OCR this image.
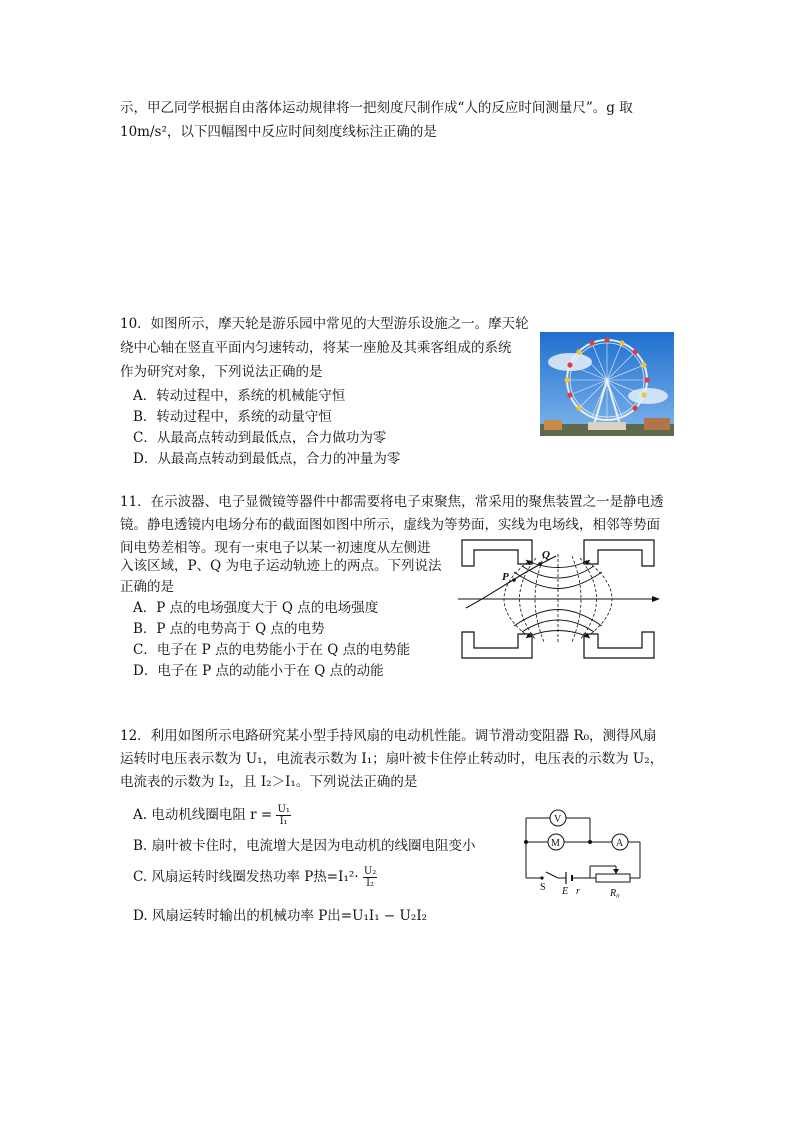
示，甲乙同学根据自由落体运动规律将一把刻度尺制作成“人的反应时间测量尺”。g 取
10m/s²，以下四幅图中反应时间刻度线标注正确的是
10．如图所示，摩天轮是游乐园中常见的大型游乐设施之一。摩天轮
绕中心轴在竖直平面内匀速转动，将某一座舱及其乘客组成的系统
作为研究对象，下列说法正确的是
A．转动过程中，系统的机械能守恒
B．转动过程中，系统的动量守恒
C．从最高点转动到最低点，合力做功为零
D．从最高点转动到最低点，合力的冲量为零
11．在示波器、电子显微镜等器件中都需要将电子束聚焦，常采用的聚焦装置之一是静电透
镜。静电透镜内电场分布的截面图如图中所示，虚线为等势面，实线为电场线，相邻等势面
间电势差相等。现有一束电子以某一初速度从左侧进
入该区域，P、Q 为电子运动轨迹上的两点。下列说法
正确的是
A．P 点的电场强度大于 Q 点的电场强度
B．P 点的电势高于 Q 点的电势
C．电子在 P 点的电势能小于在 Q 点的电势能
D．电子在 P 点的动能小于在 Q 点的动能
P
Q
12．利用如图所示电路研究某小型手持风扇的电动机性能。调节滑动变阻器 R₀，测得风扇
运转时电压表示数为 U₁，电流表示数为 I₁；扇叶被卡住停止转动时，电压表的示数为 U₂，
电流表的示数为 I₂，且 I₂＞I₁。下列说法正确的是
A. 电动机线圈电阻 $r = \frac{\text{U₁}}{\text{I₁}}$
B. 扇叶被卡住时，电流增大是因为电动机的线圈电阻变小
C. 风扇运转时线圈发热功率 P热$=I_1^2\cdot \frac{\text{U₂}}{\text{I₂}}$
D. 风扇运转时输出的机械功率 P出=U₁I₁ − U₂I₂
V
M	A
S E r	R₀
